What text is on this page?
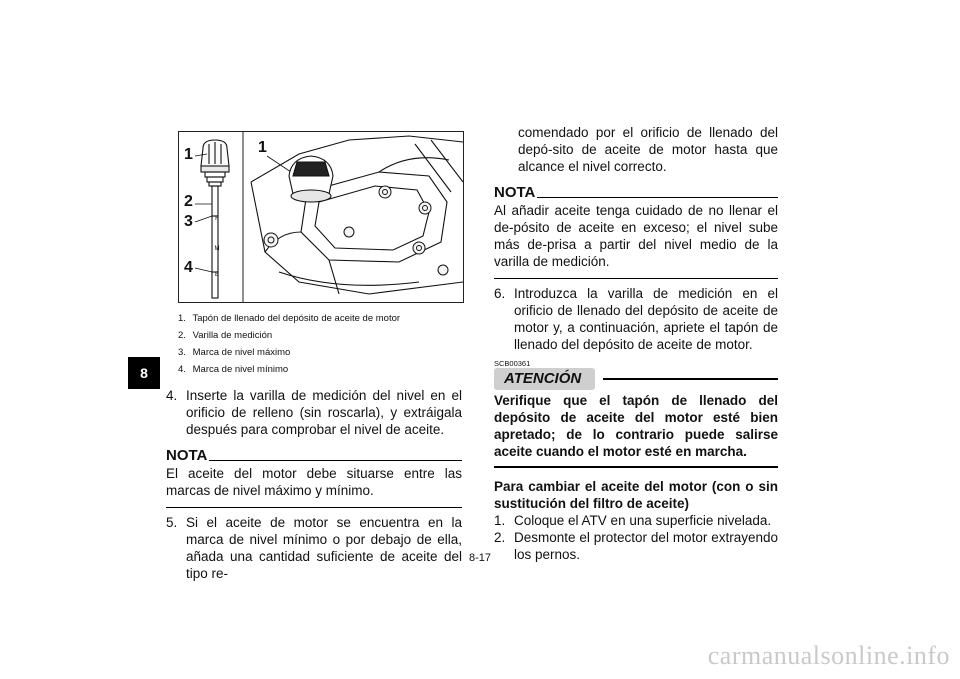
8
F
M
E
1
2
3
4
1
1. Tapón de llenado del depósito de aceite de motor
2. Varilla de medición
3. Marca de nivel máximo
4. Marca de nivel mínimo
4. Inserte la varilla de medición del nivel en el orificio de relleno (sin roscarla), y extráigala después para comprobar el nivel de aceite.
NOTA

El aceite del motor debe situarse entre las marcas de nivel máximo y mínimo.

5. Si el aceite de motor se encuentra en la marca de nivel mínimo o por debajo de ella, añada una cantidad suficiente de aceite del tipo re-
comendado por el orificio de llenado del depó-sito de aceite de motor hasta que alcance el nivel correcto.
NOTA

Al añadir aceite tenga cuidado de no llenar el de-pósito de aceite en exceso; el nivel sube más de-prisa a partir del nivel medio de la varilla de medición.

6. Introduzca la varilla de medición en el orificio de llenado del depósito de aceite de motor y, a continuación, apriete el tapón de llenado del depósito de aceite de motor.
SCB00361
ATENCIÓN
Verifique que el tapón de llenado del depósito de aceite del motor esté bien apretado; de lo contrario puede salirse aceite cuando el motor esté en marcha.
Para cambiar el aceite del motor (con o sin sustitución del filtro de aceite)
1. Coloque el ATV en una superficie nivelada.
2. Desmonte el protector del motor extrayendo los pernos.
8-17
carmanualsonline.info
